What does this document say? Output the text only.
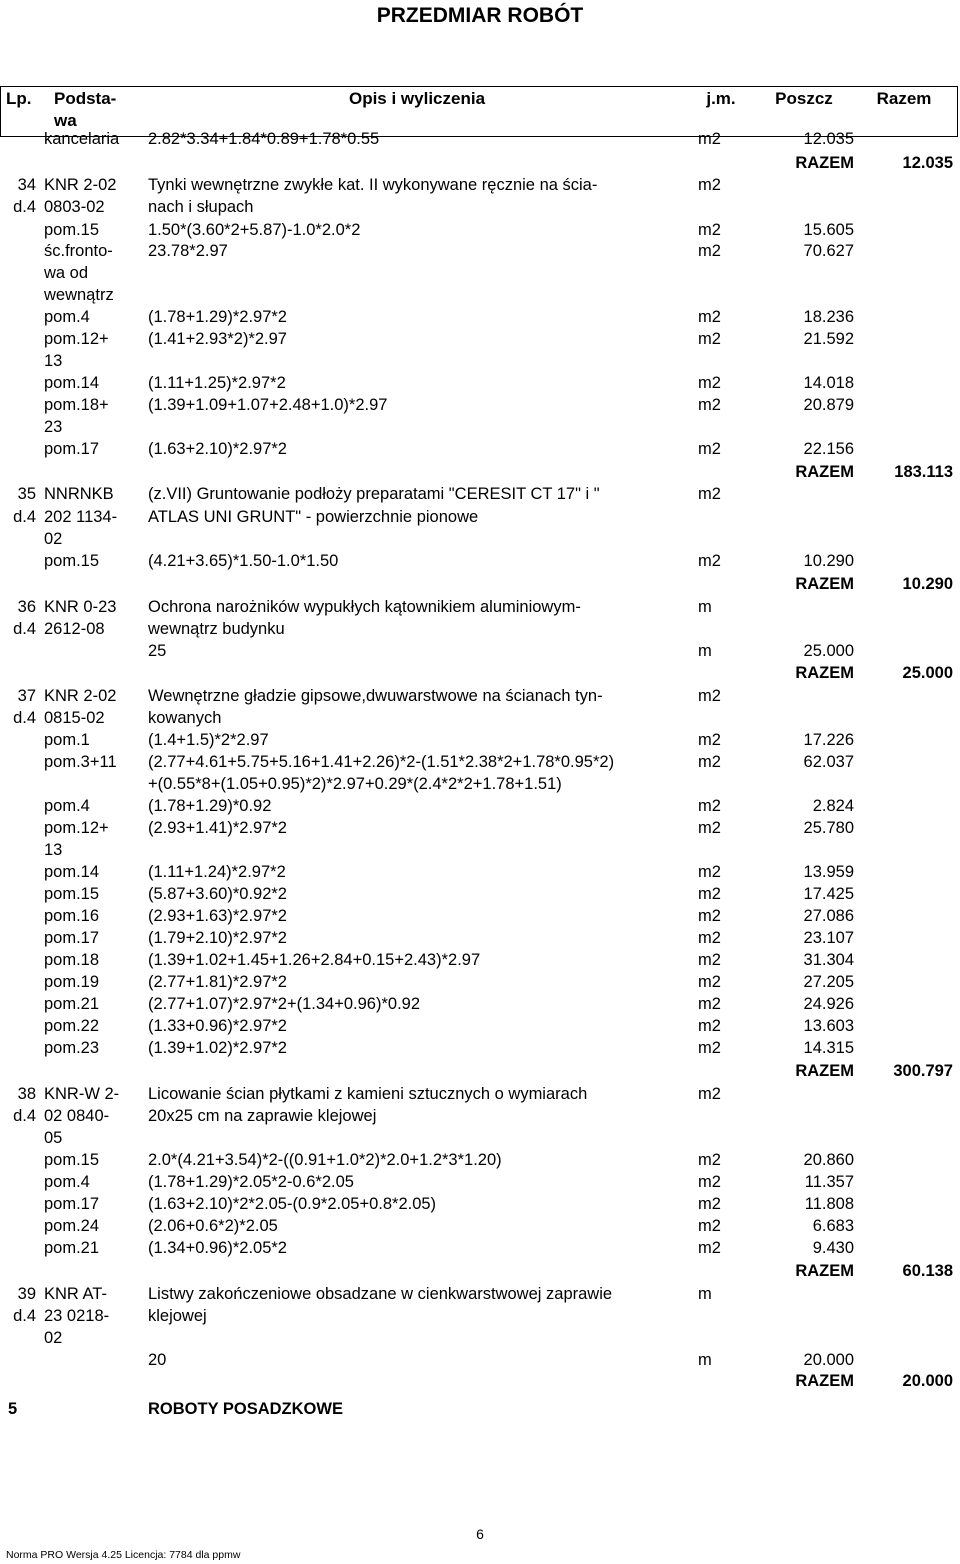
PRZEDMIAR ROBÓT
Lp. Podsta-
wa
Opis i wyliczenia	j.m.	Poszcz	Razem
kancelaria	2.82*3.34+1.84*0.89+1.78*0.55	m2	12.035
RAZEM	12.035
34 KNR 2-02	Tynki wewnętrzne zwykłe kat. II wykonywane ręcznie na ścia-	m2
d.4 0803-02	nach i słupach
pom.15	1.50*(3.60*2+5.87)-1.0*2.0*2	m2	15.605
śc.fronto-	23.78*2.97	m2	70.627
wa od
wewnątrz
pom.4	(1.78+1.29)*2.97*2	m2	18.236
pom.12+	(1.41+2.93*2)*2.97	m2	21.592
13
pom.14	(1.11+1.25)*2.97*2	m2	14.018
pom.18+	(1.39+1.09+1.07+2.48+1.0)*2.97	m2	20.879
23
pom.17	(1.63+2.10)*2.97*2	m2	22.156
RAZEM	183.113
35 NNRNKB	(z.VII) Gruntowanie podłoży preparatami "CERESIT CT 17" i "	m2
d.4 202 1134-	ATLAS UNI GRUNT" - powierzchnie pionowe
02
pom.15	(4.21+3.65)*1.50-1.0*1.50	m2	10.290
RAZEM	10.290
36 KNR 0-23	Ochrona narożników wypukłych kątownikiem aluminiowym-	m
d.4 2612-08	wewnątrz budynku
25	m	25.000
RAZEM	25.000
37 KNR 2-02	Wewnętrzne gładzie gipsowe,dwuwarstwowe na ścianach tyn-	m2
d.4 0815-02	kowanych
pom.1	(1.4+1.5)*2*2.97	m2	17.226
pom.3+11	(2.77+4.61+5.75+5.16+1.41+2.26)*2-(1.51*2.38*2+1.78*0.95*2)	m2	62.037
+(0.55*8+(1.05+0.95)*2)*2.97+0.29*(2.4*2*2+1.78+1.51)
pom.4	(1.78+1.29)*0.92	m2	2.824
pom.12+	(2.93+1.41)*2.97*2	m2	25.780
13
pom.14	(1.11+1.24)*2.97*2	m2	13.959
pom.15	(5.87+3.60)*0.92*2	m2	17.425
pom.16	(2.93+1.63)*2.97*2	m2	27.086
pom.17	(1.79+2.10)*2.97*2	m2	23.107
pom.18	(1.39+1.02+1.45+1.26+2.84+0.15+2.43)*2.97	m2	31.304
pom.19	(2.77+1.81)*2.97*2	m2	27.205
pom.21	(2.77+1.07)*2.97*2+(1.34+0.96)*0.92	m2	24.926
pom.22	(1.33+0.96)*2.97*2	m2	13.603
pom.23	(1.39+1.02)*2.97*2	m2	14.315
RAZEM	300.797
38 KNR-W 2-	Licowanie ścian płytkami z kamieni sztucznych o wymiarach	m2
d.4 02 0840-	20x25 cm na zaprawie klejowej
05
pom.15	2.0*(4.21+3.54)*2-((0.91+1.0*2)*2.0+1.2*3*1.20)	m2	20.860
pom.4	(1.78+1.29)*2.05*2-0.6*2.05	m2	11.357
pom.17	(1.63+2.10)*2*2.05-(0.9*2.05+0.8*2.05)	m2	11.808
pom.24	(2.06+0.6*2)*2.05	m2	6.683
pom.21	(1.34+0.96)*2.05*2	m2	9.430
RAZEM	60.138
39 KNR AT-	Listwy zakończeniowe obsadzane w cienkwarstwowej zaprawie	m
d.4 23 0218-	klejowej
02
20	m	20.000
RAZEM	20.000
5	ROBOTY POSADZKOWE
6
Norma PRO Wersja 4.25 Licencja: 7784 dla ppmw
